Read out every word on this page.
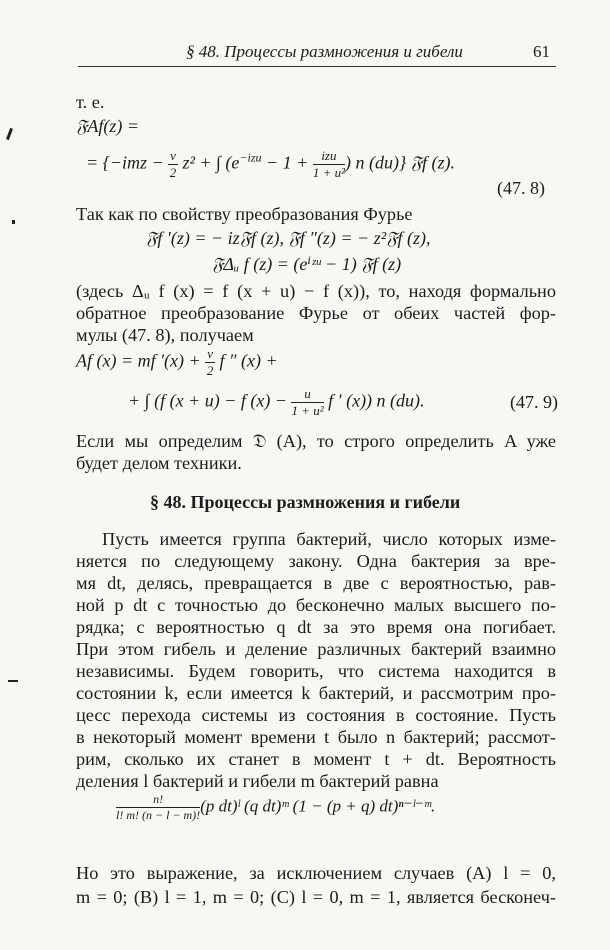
§ 48. Процессы размножения и гибели	61
т. е.
𝔉Af(z) =
= {$-imz - \frac{v}{2} z^2$ + ∫ ($e^{-izu} - 1 + \frac{\text{izu}}{\text{1 + u²}}$ ) n (du)} 𝔉f (z).
(47. 8)
Так как по свойству преобразования Фурье
𝔉f ′(z) = − iz𝔉f (z), 𝔉f ″(z) = − z²𝔉f (z),
𝔉Δᵤ f (z) = (eⁱᶻᵘ − 1) 𝔉f (z)
(здесь Δᵤ f (x) = f (x + u) − f (x)), то, находя формально
обратное преобразование Фурье от обеих частей фор-
мулы (47. 8), получаем
Af (x) = mf $'(x) + \frac{v}{2}$ f ″ (x) +
+ ∫ (f (x + u) − f $(x) - \frac{u}{\text{1 + u²}}$ f ′ (x)) n (du).	(47. 9)
Если мы определим 𝔇 (A), то строго определить A уже
будет делом техники.
§ 48. Процессы размножения и гибели
Пусть имеется группа бактерий, число которых изме-
няется по следующему закону. Одна бактерия за вре-
мя dt, делясь, превращается в две с вероятностью, рав-
ной p dt с точностью до бесконечно малых высшего по-
рядка; с вероятностью q dt за это время она погибает.
При этом гибель и деление различных бактерий взаимно
независимы. Будем говорить, что система находится в
состоянии k, если имеется k бактерий, и рассмотрим про-
цесс перехода системы из состояния в состояние. Пусть
в некоторый момент времени t было n бактерий; рассмот-
рим, сколько их станет в момент t + dt. Вероятность
деления l бактерий и гибели m бактерий равна
$\frac{n!}{l! m! (n - l - m)!} (p$ dt)ˡ (q dt)ᵐ (1 − (p + q) dt)ⁿ⁻ˡ⁻ᵐ.
Но это выражение, за исключением случаев (А) l = 0,
m = 0; (В) l = 1, m = 0; (С) l = 0, m = 1, является бесконеч-
